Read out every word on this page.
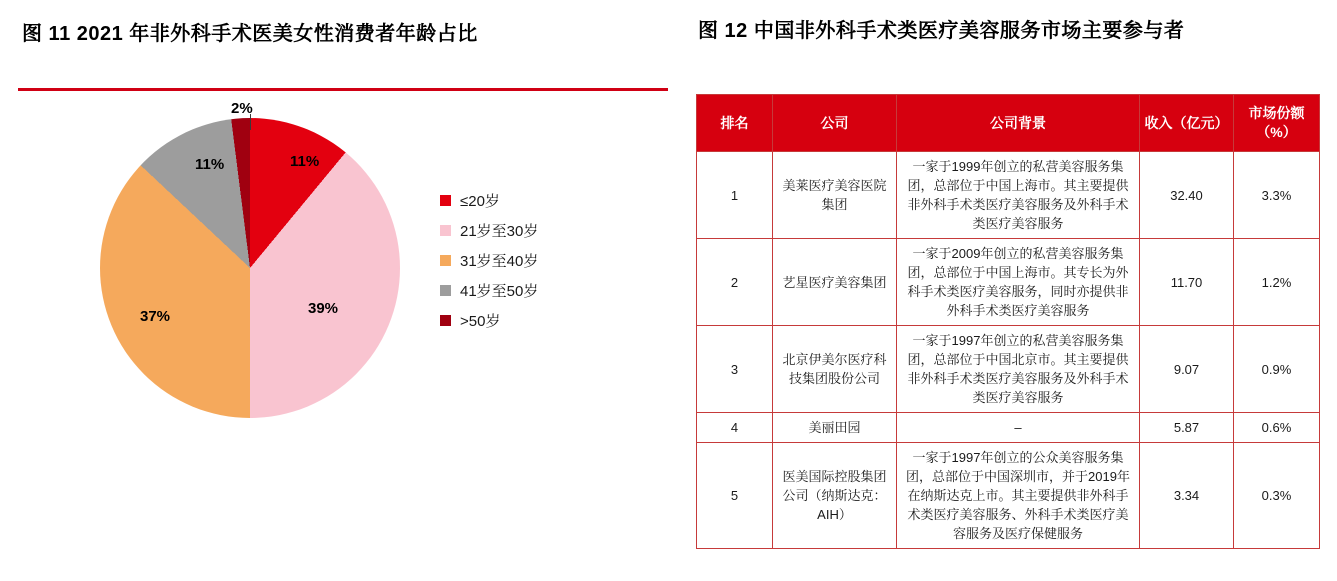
图 11 2021 年非外科手术医美女性消费者年龄占比
11%
39%
37%
11%
2%
≤20岁
21岁至30岁
31岁至40岁
41岁至50岁
>50岁
图 12 中国非外科手术类医疗美容服务市场主要参与者
排名	公司	公司背景	收入（亿元）	市场份额（%）
1	美莱医疗美容医院集团	一家于1999年创立的私营美容服务集团，总部位于中国上海市。其主要提供非外科手术类医疗美容服务及外科手术类医疗美容服务	32.40	3.3%
2	艺星医疗美容集团	一家于2009年创立的私营美容服务集团，总部位于中国上海市。其专长为外科手术类医疗美容服务，同时亦提供非外科手术类医疗美容服务	11.70	1.2%
3	北京伊美尔医疗科技集团股份公司	一家于1997年创立的私营美容服务集团，总部位于中国北京市。其主要提供非外科手术类医疗美容服务及外科手术类医疗美容服务	9.07	0.9%
4	美丽田园	–	5.87	0.6%
5	医美国际控股集团公司（纳斯达克：AIH）	一家于1997年创立的公众美容服务集团，总部位于中国深圳市，并于2019年在纳斯达克上市。其主要提供非外科手术类医疗美容服务、外科手术类医疗美容服务及医疗保健服务	3.34	0.3%
